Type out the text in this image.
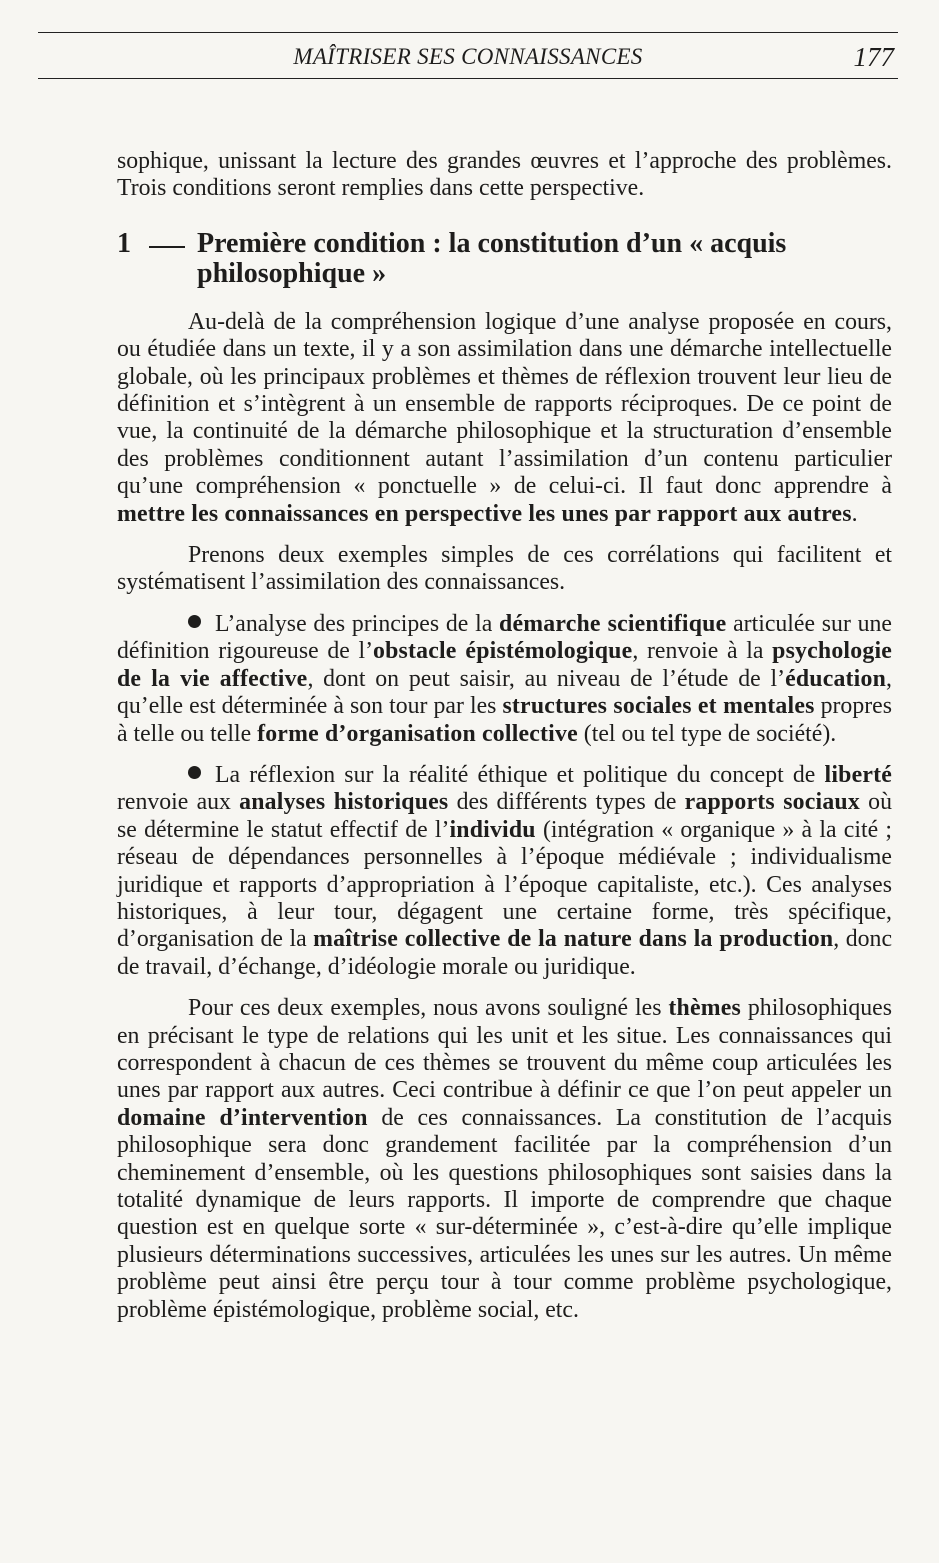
MAÎTRISER SES CONNAISSANCES	177

sophique, unissant la lecture des grandes œuvres et l’approche des problèmes. Trois conditions seront remplies dans cette perspective.

1	Première condition : la constitution d’un « acquis philosophique »

Au-delà de la compréhension logique d’une analyse proposée en cours, ou étudiée dans un texte, il y a son assimilation dans une démarche intellectuelle globale, où les principaux problèmes et thèmes de réflexion trouvent leur lieu de définition et s’intègrent à un ensemble de rapports réciproques. De ce point de vue, la continuité de la démarche philosophique et la structuration d’ensemble des problèmes conditionnent autant l’assimilation d’un contenu particulier qu’une compréhension « ponctuelle » de celui-ci. Il faut donc apprendre à mettre les connaissances en perspective les unes par rapport aux autres.

Prenons deux exemples simples de ces corrélations qui facilitent et systématisent l’assimilation des connaissances.

L’analyse des principes de la démarche scientifique articulée sur une définition rigoureuse de l’obstacle épistémologique, renvoie à la psychologie de la vie affective, dont on peut saisir, au niveau de l’étude de l’éducation, qu’elle est déterminée à son tour par les structures sociales et mentales propres à telle ou telle forme d’organisation collective (tel ou tel type de société).

La réflexion sur la réalité éthique et politique du concept de liberté renvoie aux analyses historiques des différents types de rapports sociaux où se détermine le statut effectif de l’individu (intégration « organique » à la cité ; réseau de dépendances personnelles à l’époque médiévale ; individualisme juridique et rapports d’appropriation à l’époque capitaliste, etc.). Ces analyses historiques, à leur tour, dégagent une certaine forme, très spécifique, d’organisation de la maîtrise collective de la nature dans la production, donc de travail, d’échange, d’idéologie morale ou juridique.

Pour ces deux exemples, nous avons souligné les thèmes philosophiques en précisant le type de relations qui les unit et les situe. Les connaissances qui correspondent à chacun de ces thèmes se trouvent du même coup articulées les unes par rapport aux autres. Ceci contribue à définir ce que l’on peut appeler un domaine d’intervention de ces connaissances. La constitution de l’acquis philosophique sera donc grandement facilitée par la compréhension d’un cheminement d’ensemble, où les questions philosophiques sont saisies dans la totalité dynamique de leurs rapports. Il importe de comprendre que chaque question est en quelque sorte « sur-déterminée », c’est-à-dire qu’elle implique plusieurs déterminations successives, articulées les unes sur les autres. Un même problème peut ainsi être perçu tour à tour comme problème psychologique, problème épistémologique, problème social, etc.
